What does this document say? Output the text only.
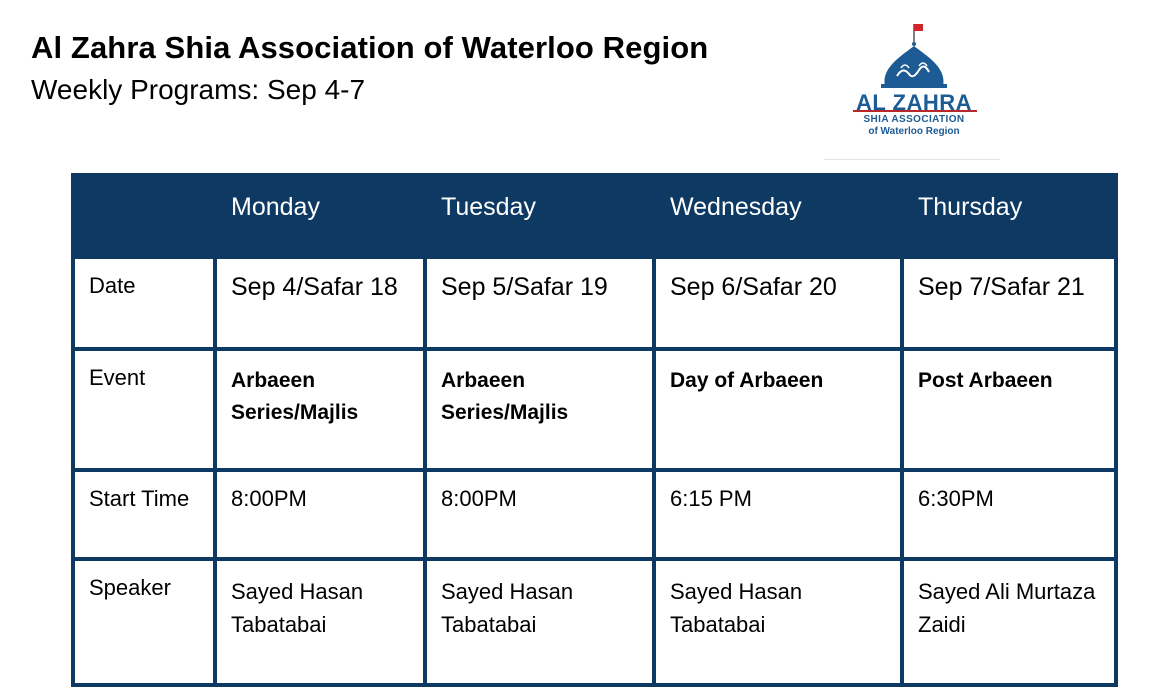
Al Zahra Shia Association of Waterloo Region
Weekly Programs: Sep 4-7	AL ZAHRA
SHIA ASSOCIATION
of Waterloo Region

	Monday	Tuesday	Wednesday	Thursday

Date	Sep 4/Safar 18	Sep 5/Safar 19	Sep 6/Safar 20	Sep 7/Safar 21

Event	Arbaeen Series/Majlis	Arbaeen Series/Majlis	Day of Arbaeen	Post Arbaeen

Start Time	8:00PM	8:00PM	6:15 PM	6:30PM

Speaker	Sayed Hasan Tabatabai	Sayed Hasan Tabatabai	Sayed Hasan Tabatabai	Sayed Ali Murtaza Zaidi
